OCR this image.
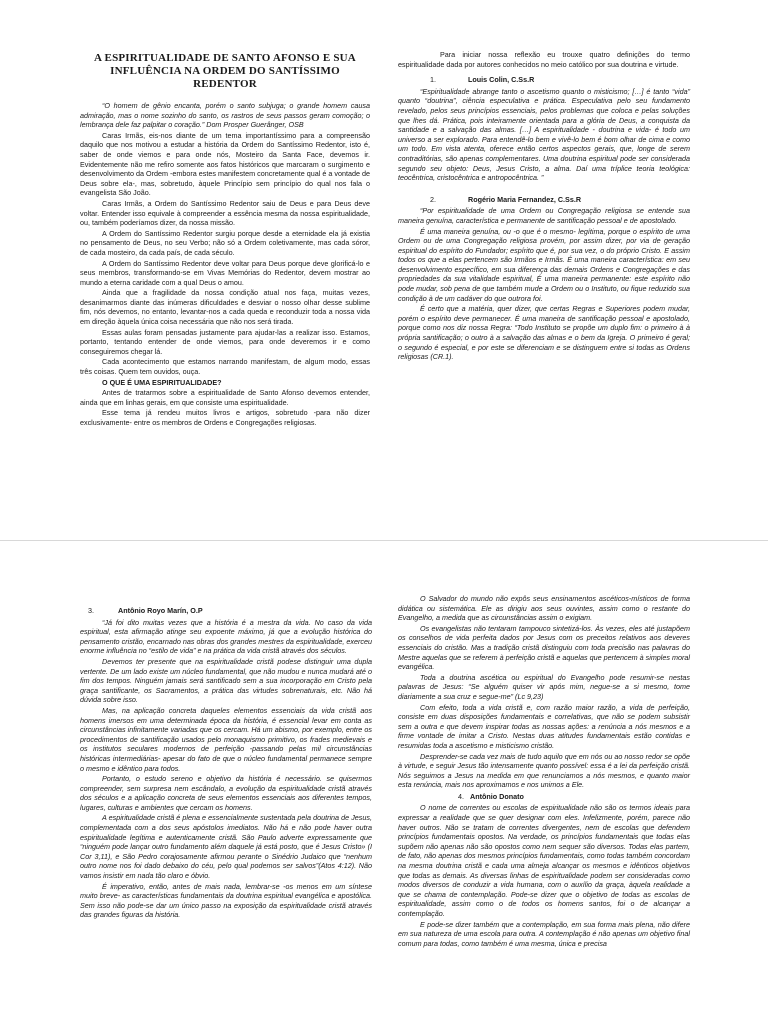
A ESPIRITUALIDADE DE SANTO AFONSO E SUA
INFLUÊNCIA NA ORDEM DO SANTÍSSIMO REDENTOR

“O homem de gênio encanta, porém o santo subjuga; o grande homem causa admiração, mas o nome sozinho do santo, os rastros de seus passos geram comoção; o lembrança dele faz palpitar o coração.” Dom Prosper Guerânger, OSB

Caras Irmãs, eis-nos diante de um tema importantíssimo para a compreensão daquilo que nos motivou a estudar a história da Ordem do Santíssimo Redentor, isto é, saber de onde viemos e para onde nós, Mosteiro da Santa Face, devemos ir. Evidentemente não me refiro somente aos fatos históricos que marcaram o surgimento e desenvolvimento da Ordem -embora estes manifestem concretamente qual é a vontade de Deus sobre ela-, mas, sobretudo, àquele Princípio sem princípio do qual nos fala o evangelista São João.

Caras Irmãs, a Ordem do Santíssimo Redentor saiu de Deus e para Deus deve voltar. Entender isso equivale à compreender a essência mesma da nossa espiritualidade, ou, também poderíamos dizer, da nossa missão.

A Ordem do Santíssimo Redentor surgiu porque desde a eternidade ela já existia no pensamento de Deus, no seu Verbo; não só a Ordem coletivamente, mas cada sóror, de cada mosteiro, da cada país, de cada século.

A Ordem do Santíssimo Redentor deve voltar para Deus porque deve glorificá-lo e seus membros, transformando-se em Vivas Memórias do Redentor, devem mostrar ao mundo a eterna caridade com a qual Deus o amou.

Ainda que a fragilidade da nossa condição atual nos faça, muitas vezes, desanimarmos diante das inúmeras dificuldades e desviar o nosso olhar desse sublime fim, nós devemos, no entanto, levantar-nos a cada queda e reconduzir toda a nossa vida em direção àquela única coisa necessária que não nos será tirada.

Essas aulas foram pensadas justamente para ajudar-las a realizar isso. Estamos, portanto, tentando entender de onde viemos, para onde deveremos ir e como conseguiremos chegar lá.

Cada acontecimento que estamos narrando manifestam, de algum modo, essas três coisas. Quem tem ouvidos, ouça.

O QUE É UMA ESPIRITUALIDADE?

Antes de tratarmos sobre a espiritualidade de Santo Afonso devemos entender, ainda que em linhas gerais, em que consiste uma espiritualidade.

Esse tema já rendeu muitos livros e artigos, sobretudo -para não dizer exclusivamente- entre os membros de Ordens e Congregações religiosas.

Para iniciar nossa reflexão eu trouxe quatro definições do termo espiritualidade dada por autores conhecidos no meio católico por sua doutrina e virtude.

1.	Louis Colin, C.Ss.R

“Espiritualidade abrange tanto o ascetismo quanto o misticismo; […] é tanto “vida” quanto “doutrina”, ciência especulativa e prática. Especulativa pelo seu fundamento revelado, pelos seus princípios essenciais, pelos problemas que coloca e pelas soluções que lhes dá. Prática, pois inteiramente orientada para a glória de Deus, a conquista da santidade e a salvação das almas. […] A espiritualidade - doutrina e vida- é todo um universo a ser explorado. Para entendê-lo bem e vivê-lo bem é bom olhar de cima e como um todo. Em vista atenta, oferece então certos aspectos gerais, que, longe de serem contraditórias, são apenas complementares. Uma doutrina espiritual pode ser considerada segundo seu objeto: Deus, Jesus Cristo, a alma. Daí uma tríplice teoria teológica: teocêntrica, cristocêntrica e antropocêntrica. ”

2.	Rogério Maria Fernandez, C.Ss.R

“Por espiritualidade de uma Ordem ou Congregação religiosa se entende sua maneira genuína, característica e permanente de santificação pessoal e de apostolado.

É uma maneira genuína, ou -o que é o mesmo- legítima, porque o espírito de uma Ordem ou de uma Congregação religiosa provém, por assim dizer, por via de geração espiritual do espírito do Fundador; espírito que é, por sua vez, o do próprio Cristo. E assim todos os que a elas pertencem são Irmãos e Irmãs. É uma maneira característica: em seu desenvolvimento específico, em sua diferença das demais Ordens e Congregações e das propriedades da sua vitalidade espiritual, É uma maneira permanente: este espírito não pode mudar, sob pena de que também mude a Ordem ou o Instituto, ou fique reduzido sua condição à de um cadáver do que outrora foi.

É certo que a matéria, quer dizer, que certas Regras e Superiores podem mudar, porém o espírito deve permanecer. É uma maneira de santificação pessoal e apostolado, porque como nos diz nossa Regra: “Todo Instituto se propõe um duplo fim: o primeiro à à própria santificação; o outro à a salvação das almas e o bem da Igreja. O primeiro é geral; o segundo é especial, e por este se diferenciam e se distinguem entre si todas as Ordens religiosas (CR.1).

3.	Antônio Royo Marín, O.P

“Já foi dito muitas vezes que a história é a mestra da vida. No caso da vida espiritual, esta afirmação atinge seu expoente máximo, já que a evolução histórica do pensamento cristão, encarnado nas obras dos grandes mestres da espiritualidade, exerceu enorme influência no “estilo de vida” e na prática da vida cristã através dos séculos.

Devemos ter presente que na espiritualidade cristã podese distinguir uma dupla vertente. De um lado existe um núcleo fundamental, que não mudou e nunca mudará até o fim dos tempos. Ninguém jamais será santificado sem a sua incorporação em Cristo pela graça santificante, os Sacramentos, a prática das virtudes sobrenaturais, etc. Não há dúvida sobre isso.

Mas, na aplicação concreta daqueles elementos essenciais da vida cristã aos homens imersos em uma determinada época da história, é essencial levar em conta as circunstâncias infinitamente variadas que os cercam. Há um abismo, por exemplo, entre os procedimentos de santificação usados pelo monaquismo primitivo, os frades medievais e os institutos seculares modernos de perfeição -passando pelas mil circunstâncias históricas intermediárias- apesar do fato de que o núcleo fundamental permanece sempre o mesmo e idêntico para todos.

Portanto, o estudo sereno e objetivo da história é necessário. se quisermos compreender, sem surpresa nem escândalo, a evolução da espiritualidade cristã através dos séculos e a aplicação concreta de seus elementos essenciais aos diferentes tempos, lugares, culturas e ambientes que cercam os homens.

A espiritualidade cristã é plena e essencialmente sustentada pela doutrina de Jesus, complementada com a dos seus apóstolos imediatos. Não há e não pode haver outra espiritualidade legítima e autenticamente cristã. São Paulo adverte expressamente que “ninguém pode lançar outro fundamento além daquele já está posto, que é Jesus Cristo» (I Cor 3,11), e São Pedro corajosamente afirmou perante o Sinédrio Judaico que “nenhum outro nome nos foi dado debaixo do céu, pelo qual podemos ser salvos”(Atos 4:12). Não vamos insistir em nada tão claro e óbvio.

É imperativo, então, antes de mais nada, lembrar-se -os menos em um síntese muito breve- as características fundamentais da doutrina espiritual evangélica e apostólica. Sem isso não pode-se dar um único passo na exposição da espiritualidade cristã através das grandes figuras da história.

O Salvador do mundo não expôs seus ensinamentos ascéticos-místicos de forma didática ou sistemática. Ele as dirigiu aos seus ouvintes, assim como o restante do Evangelho, a medida que as circunstâncias assim o exigiam.

Os evangelistas não tentaram tampouco sintetizá-los. Às vezes, eles até justapõem os conselhos de vida perfeita dados por Jesus com os preceitos relativos aos deveres essenciais do cristão. Mas a tradição cristã distinguiu com toda precisão nas palavras do Mestre aquelas que se referem à perfeição cristã e aquelas que pertencem à simples moral evangélica.

Toda a doutrina ascética ou espiritual do Evangelho pode resumir-se nestas palavras de Jesus: “Se alguém quiser vir após mim, negue-se a si mesmo, tome diariamente a sua cruz e segue-me” (Lc 9,23)

Com efeito, toda a vida cristã e, com razão maior razão, a vida de perfeição, consiste em duas disposições fundamentais e correlativas, que não se podem subsistir sem a outra e que devem inspirar todas as nossas ações: a renúncia a nós mesmos e a firme vontade de imitar a Cristo. Nestas duas atitudes fundamentais estão contidas e resumidas toda a ascetismo e misticismo cristão.

Desprender-se cada vez mais de tudo aquilo que em nós ou ao nosso redor se opõe à virtude, e seguir Jesus tão intensamente quanto possível: essa é a lei da perfeição cristã. Nós seguimos a Jesus na medida em que renunciamos a nós mesmos, e quanto maior esta renúncia, mais nos aproximamos e nos unimos a Ele.

4. Antônio Donato

O nome de correntes ou escolas de espiritualidade não são os termos ideais para expressar a realidade que se quer designar com eles. Infelizmente, porém, parece não haver outros. Não se tratam de correntes divergentes, nem de escolas que defendem princípios fundamentais opostos. Na verdade, os princípios fundamentais que todas elas supõem não apenas não são opostos como nem sequer são diversos. Todas elas partem, de fato, não apenas dos mesmos princípios fundamentais, como todas também concordam na mesma doutrina cristã e cada uma almeja alcançar os mesmos e idênticos objetivos que todas as demais. As diversas linhas de espiritualidade podem ser consideradas como modos diversos de conduzir a vida humana, com o auxílio da graça, àquela realidade a que se chama de contemplação. Pode-se dizer que o objetivo de todas as escolas de espiritualidade, assim como o de todos os homens santos, foi o de alcançar a contemplação.

E pode-se dizer também que a contemplação, em sua forma mais plena, não difere em sua natureza de uma escola para outra. A contemplação é não apenas um objetivo final comum para todas, como também é uma mesma, única e precisa
